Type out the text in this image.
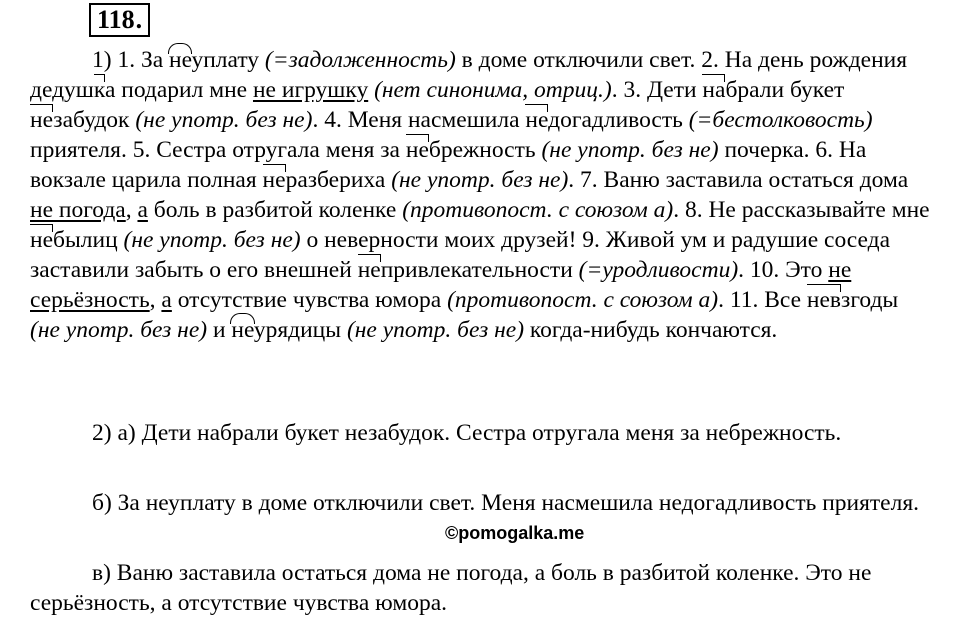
118.

1) 1. За неуплату (=задолженность) в доме отключили свет. 2. На день рождения дедушка подарил мне не игрушку (нет синонима, отриц.). 3. Дети набрали букет незабудок (не употр. без не). 4. Меня насмешила недогадливость (=бестолковость) приятеля. 5. Сестра отругала меня за небрежность (не употр. без не) почерка. 6. На вокзале царила полная неразбериха (не употр. без не). 7. Ваню заставила остаться дома не погода, а боль в разбитой коленке (противопост. с союзом а). 8. Не рассказывайте мне небылиц (не употр. без не) о неверности моих друзей! 9. Живой ум и радушие соседа заставили забыть о его внешней непривлекательности (=уродливости). 10. Это не серьёзность, а отсутствие чувства юмора (противопост. с союзом а). 11. Все невзгоды (не употр. без не) и неурядицы (не употр. без не) когда-нибудь кончаются.

2) а) Дети набрали букет незабудок. Сестра отругала меня за небрежность.

б) За неуплату в доме отключили свет. Меня насмешила недогадливость приятеля.

в) Ваню заставила остаться дома не погода, а боль в разбитой коленке. Это не серьёзность, а отсутствие чувства юмора.

©pomogalka.me
